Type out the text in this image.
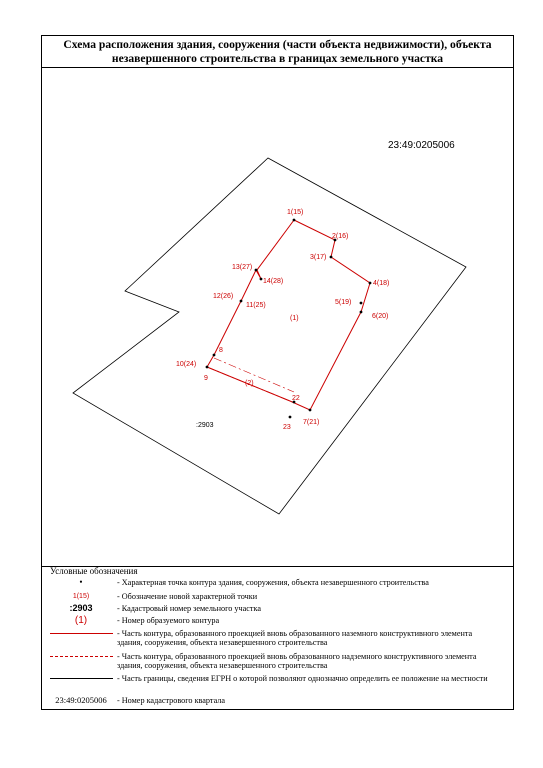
Схема расположения здания, сооружения (части объекта недвижимости), объекта
незавершенного строительства в границах земельного участка
1(15)
2(16)
3(17)
4(18)
5(19)
6(20)
7(21)
8
9
10(24)
11(25)
12(26)
13(27)
14(28)
22
23
(1)
(2)
:2903
23:49:0205006
Условные обозначения
•	- Характерная точка контура здания, сооружения, объекта незавершенного строительства
1(15)	- Обозначение новой характерной точки
:2903	- Кадастровый номер земельного участка
(1)	- Номер образуемого контура
- Часть контура, образованного проекцией вновь образованного наземного конструктивного элемента здания, сооружения, объекта незавершенного строительства
- Часть контура, образованного проекцией вновь образованного надземного конструктивного элемента здания, сооружения, объекта незавершенного строительства
- Часть границы, сведения ЕГРН о которой позволяют однозначно определить ее положение на местности
23:49:0205006	- Номер кадастрового квартала
